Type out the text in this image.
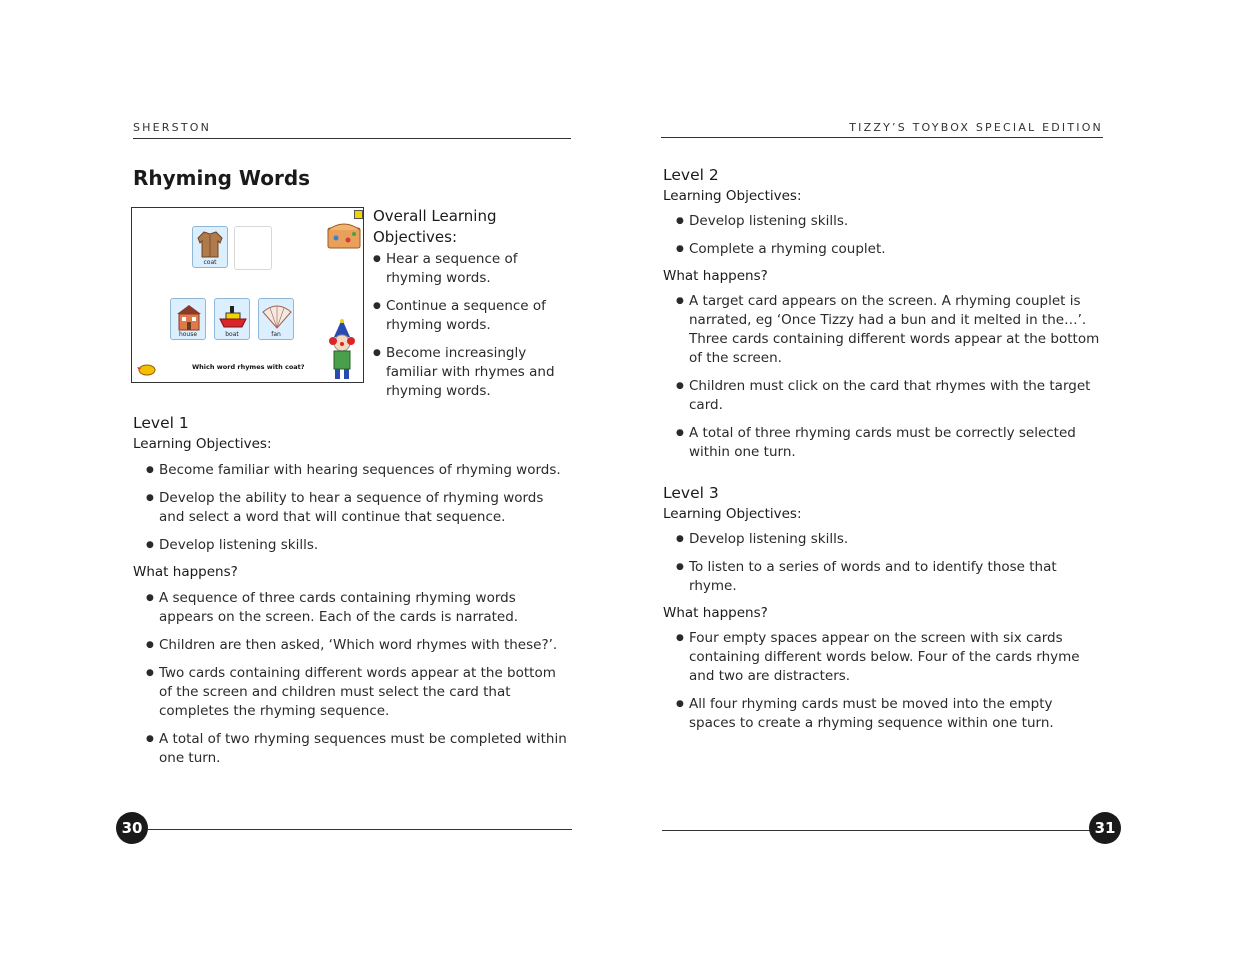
SHERSTON
Rhyming Words
coat
house	boat	fan
Which word rhymes with coat?
Overall Learning Objectives:
● Hear a sequence of rhyming words.
● Continue a sequence of rhyming words.
● Become increasingly familiar with rhymes and rhyming words.
Level 1
Learning Objectives:
● Become familiar with hearing sequences of rhyming words.
● Develop the ability to hear a sequence of rhyming words and select a word that will continue that sequence.
● Develop listening skills.
What happens?
● A sequence of three cards containing rhyming words appears on the screen. Each of the cards is narrated.
● Children are then asked, ‘Which word rhymes with these?’.
● Two cards containing different words appear at the bottom of the screen and children must select the card that completes the rhyming sequence.
● A total of two rhyming sequences must be completed within one turn.
30
TIZZY’S TOYBOX SPECIAL EDITION
Level 2
Learning Objectives:
● Develop listening skills.
● Complete a rhyming couplet.
What happens?
● A target card appears on the screen. A rhyming couplet is narrated, eg ‘Once Tizzy had a bun and it melted in the…’. Three cards containing different words appear at the bottom of the screen.
● Children must click on the card that rhymes with the target card.
● A total of three rhyming cards must be correctly selected within one turn.
Level 3
Learning Objectives:
● Develop listening skills.
● To listen to a series of words and to identify those that rhyme.
What happens?
● Four empty spaces appear on the screen with six cards containing different words below. Four of the cards rhyme and two are distracters.
● All four rhyming cards must be moved into the empty spaces to create a rhyming sequence within one turn.
31
